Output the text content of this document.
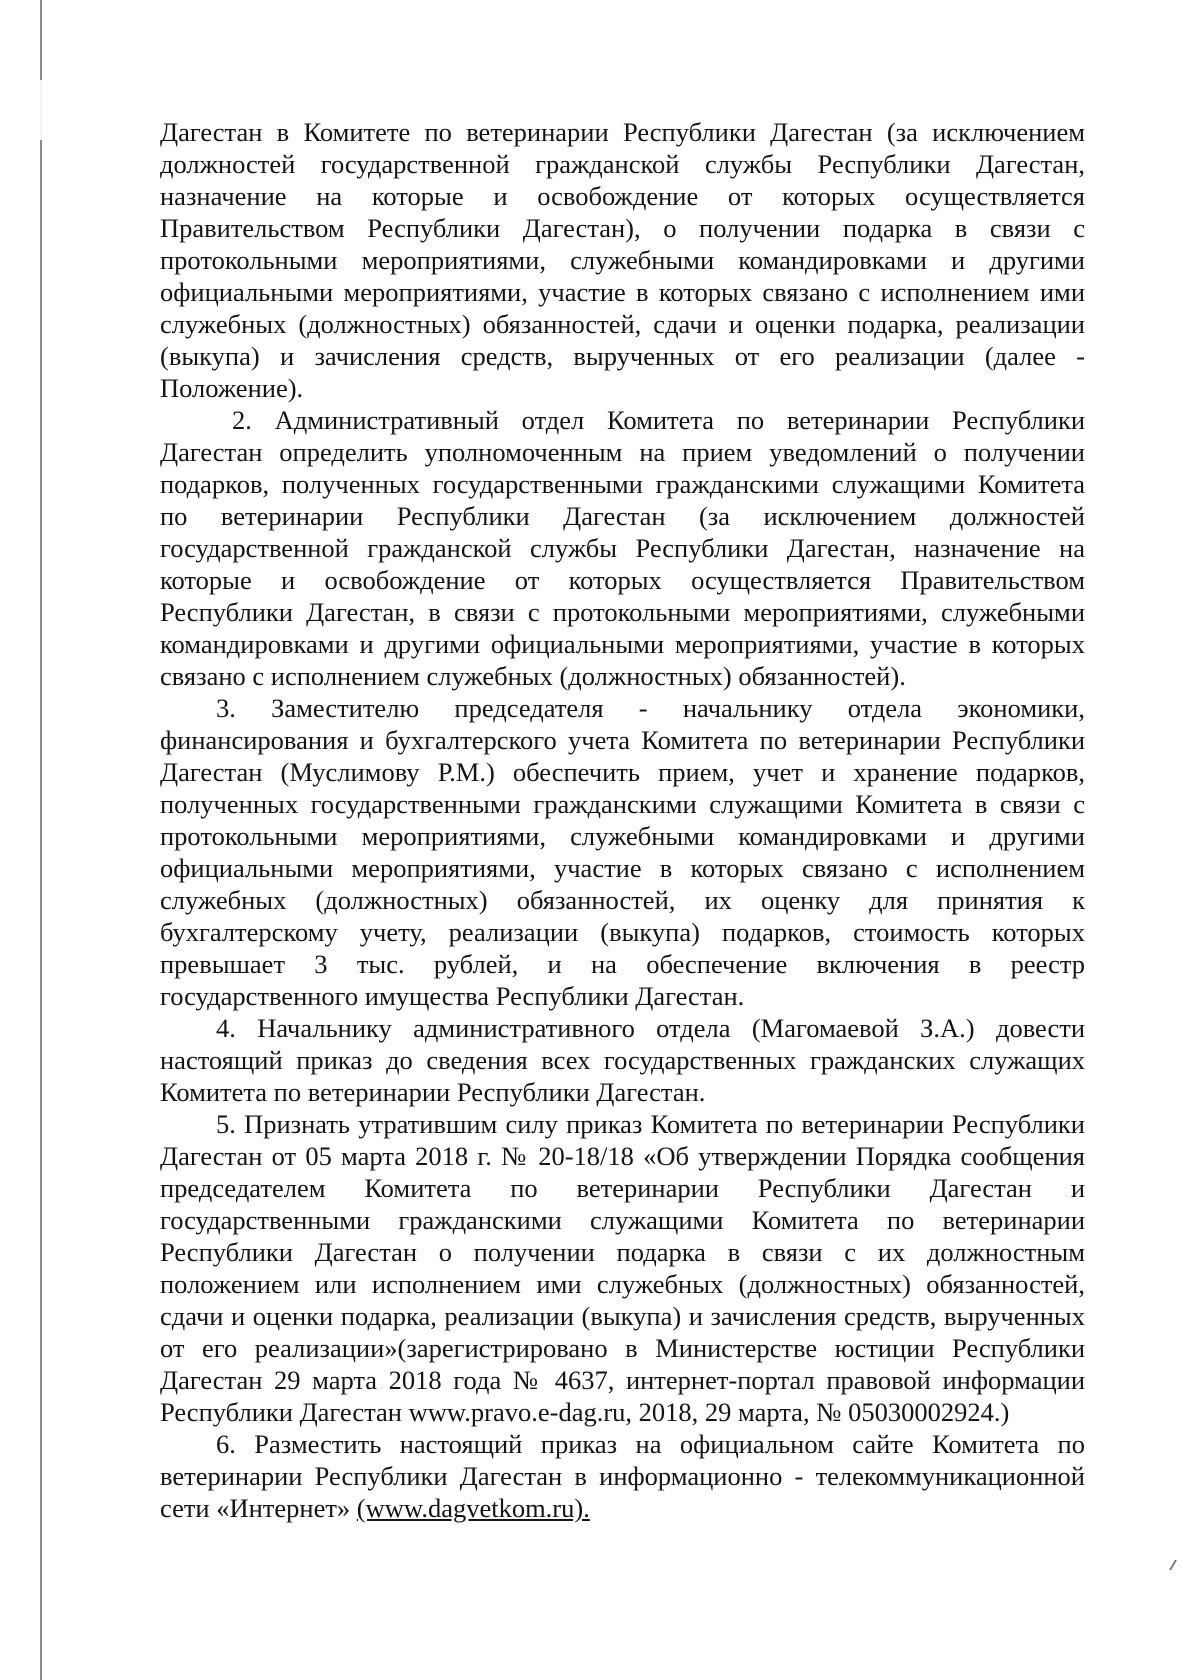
Дагестан в Комитете по ветеринарии Республики Дагестан (за исключением должностей государственной гражданской службы Республики Дагестан, назначение на которые и освобождение от которых осуществляется Правительством Республики Дагестан), о получении подарка в связи с протокольными мероприятиями, служебными командировками и другими официальными мероприятиями, участие в которых связано с исполнением ими служебных (должностных) обязанностей, сдачи и оценки подарка, реализации (выкупа) и зачисления средств, вырученных от его реализации (далее - Положение).

2. Административный отдел Комитета по ветеринарии Республики Дагестан определить уполномоченным на прием уведомлений о получении подарков, полученных государственными гражданскими служащими Комитета по ветеринарии Республики Дагестан (за исключением должностей государственной гражданской службы Республики Дагестан, назначение на которые и освобождение от которых осуществляется Правительством Республики Дагестан, в связи с протокольными мероприятиями, служебными командировками и другими официальными мероприятиями, участие в которых связано с исполнением служебных (должностных) обязанностей).

3. Заместителю председателя - начальнику отдела экономики, финансирования и бухгалтерского учета Комитета по ветеринарии Республики Дагестан (Муслимову Р.М.) обеспечить прием, учет и хранение подарков, полученных государственными гражданскими служащими Комитета в связи с протокольными мероприятиями, служебными командировками и другими официальными мероприятиями, участие в которых связано с исполнением служебных (должностных) обязанностей, их оценку для принятия к бухгалтерскому учету, реализации (выкупа) подарков, стоимость которых превышает 3 тыс. рублей, и на обеспечение включения в реестр государственного имущества Республики Дагестан.

4. Начальнику административного отдела (Магомаевой З.А.) довести настоящий приказ до сведения всех государственных гражданских служащих Комитета по ветеринарии Республики Дагестан.

5. Признать утратившим силу приказ Комитета по ветеринарии Республики Дагестан от 05 марта 2018 г. № 20-18/18 «Об утверждении Порядка сообщения председателем Комитета по ветеринарии Республики Дагестан и государственными гражданскими служащими Комитета по ветеринарии Республики Дагестан о получении подарка в связи с их должностным положением или исполнением ими служебных (должностных) обязанностей, сдачи и оценки подарка, реализации (выкупа) и зачисления средств, вырученных от его реализации»(зарегистрировано в Министерстве юстиции Республики Дагестан 29 марта 2018 года № 4637, интернет-портал правовой информации Республики Дагестан www.pravo.e-dag.ru, 2018, 29 марта, № 05030002924.)

6. Разместить настоящий приказ на официальном сайте Комитета по ветеринарии Республики Дагестан в информационно - телекоммуникационной сети «Интернет» (www.dagvetkom.ru).
